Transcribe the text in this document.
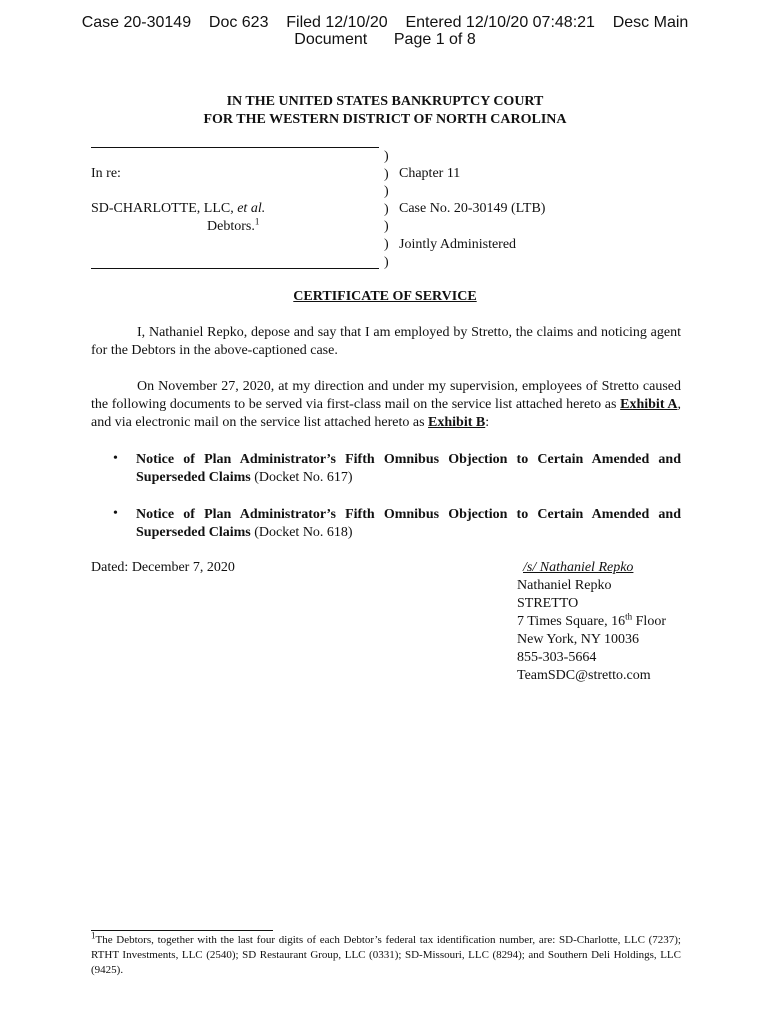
Case 20-30149    Doc 623    Filed 12/10/20    Entered 12/10/20 07:48:21    Desc Main
Document      Page 1 of 8
IN THE UNITED STATES BANKRUPTCY COURT
FOR THE WESTERN DISTRICT OF NORTH CAROLINA
In re:
SD-CHARLOTTE, LLC, et al.
Debtors.$^1$
)
)
)
)
)
)
)
Chapter 11
Case No. 20-30149 (LTB)
Jointly Administered
CERTIFICATE OF SERVICE
I, Nathaniel Repko, depose and say that I am employed by Stretto, the claims and noticing agent for the Debtors in the above-captioned case.
On November 27, 2020, at my direction and under my supervision, employees of Stretto caused the following documents to be served via first-class mail on the service list attached hereto as Exhibit A, and via electronic mail on the service list attached hereto as Exhibit B:
• Notice of Plan Administrator’s Fifth Omnibus Objection to Certain Amended and Superseded Claims (Docket No. 617)
• Notice of Plan Administrator’s Fifth Omnibus Objection to Certain Amended and Superseded Claims (Docket No. 618)
Dated: December 7, 2020	/s/ Nathaniel Repko
Nathaniel Repko
STRETTO
7 Times Square, 16th Floor
New York, NY 10036
855-303-5664
TeamSDC@stretto.com
$^1$The Debtors, together with the last four digits of each Debtor’s federal tax identification number, are: SD-Charlotte, LLC (7237); RTHT Investments, LLC (2540); SD Restaurant Group, LLC (0331); SD-Missouri, LLC (8294); and Southern Deli Holdings, LLC (9425).
